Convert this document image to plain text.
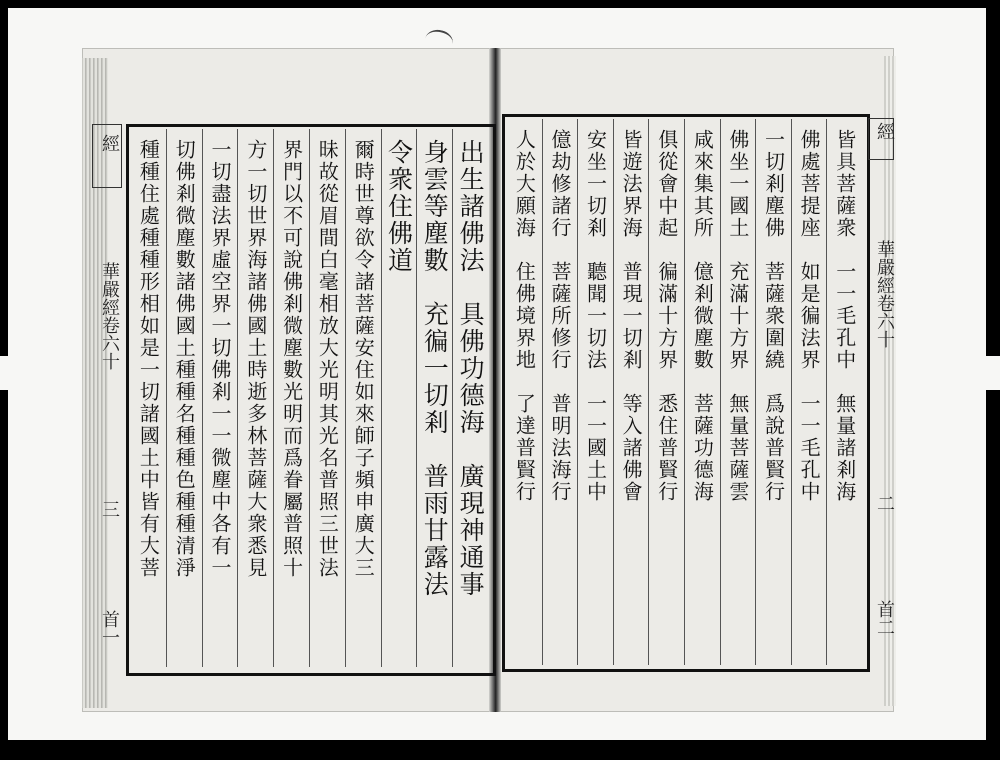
經
華嚴經卷六十
三
首一
出生諸佛法　具佛功德海　廣現神通事
身雲等塵數　充徧一切剎　普雨甘露法
令衆住佛道
爾時世尊欲令諸菩薩安住如來師子頻申廣大三
昧故從眉間白毫相放大光明其光名普照三世法
界門以不可說佛剎微塵數光明而爲眷屬普照十
方一切世界海諸佛國土時逝多林菩薩大衆悉見
一切盡法界虛空界一切佛剎一一微塵中各有一
切佛剎微塵數諸佛國土種種名種種色種種清淨
種種住處種種形相如是一切諸國土中皆有大菩	皆具菩薩衆　一一毛孔中　無量諸剎海
佛處菩提座　如是徧法界　一一毛孔中
一切剎塵佛　菩薩衆圍繞　爲說普賢行
佛坐一國土　充滿十方界　無量菩薩雲
咸來集其所　億剎微塵數　菩薩功德海
俱從會中起　徧滿十方界　悉住普賢行
皆遊法界海　普現一切剎　等入諸佛會
安坐一切剎　聽聞一切法　一一國土中
億劫修諸行　菩薩所修行　普明法海行
人於大願海　住佛境界地　了達普賢行	經
華嚴經卷六十
二
首二
